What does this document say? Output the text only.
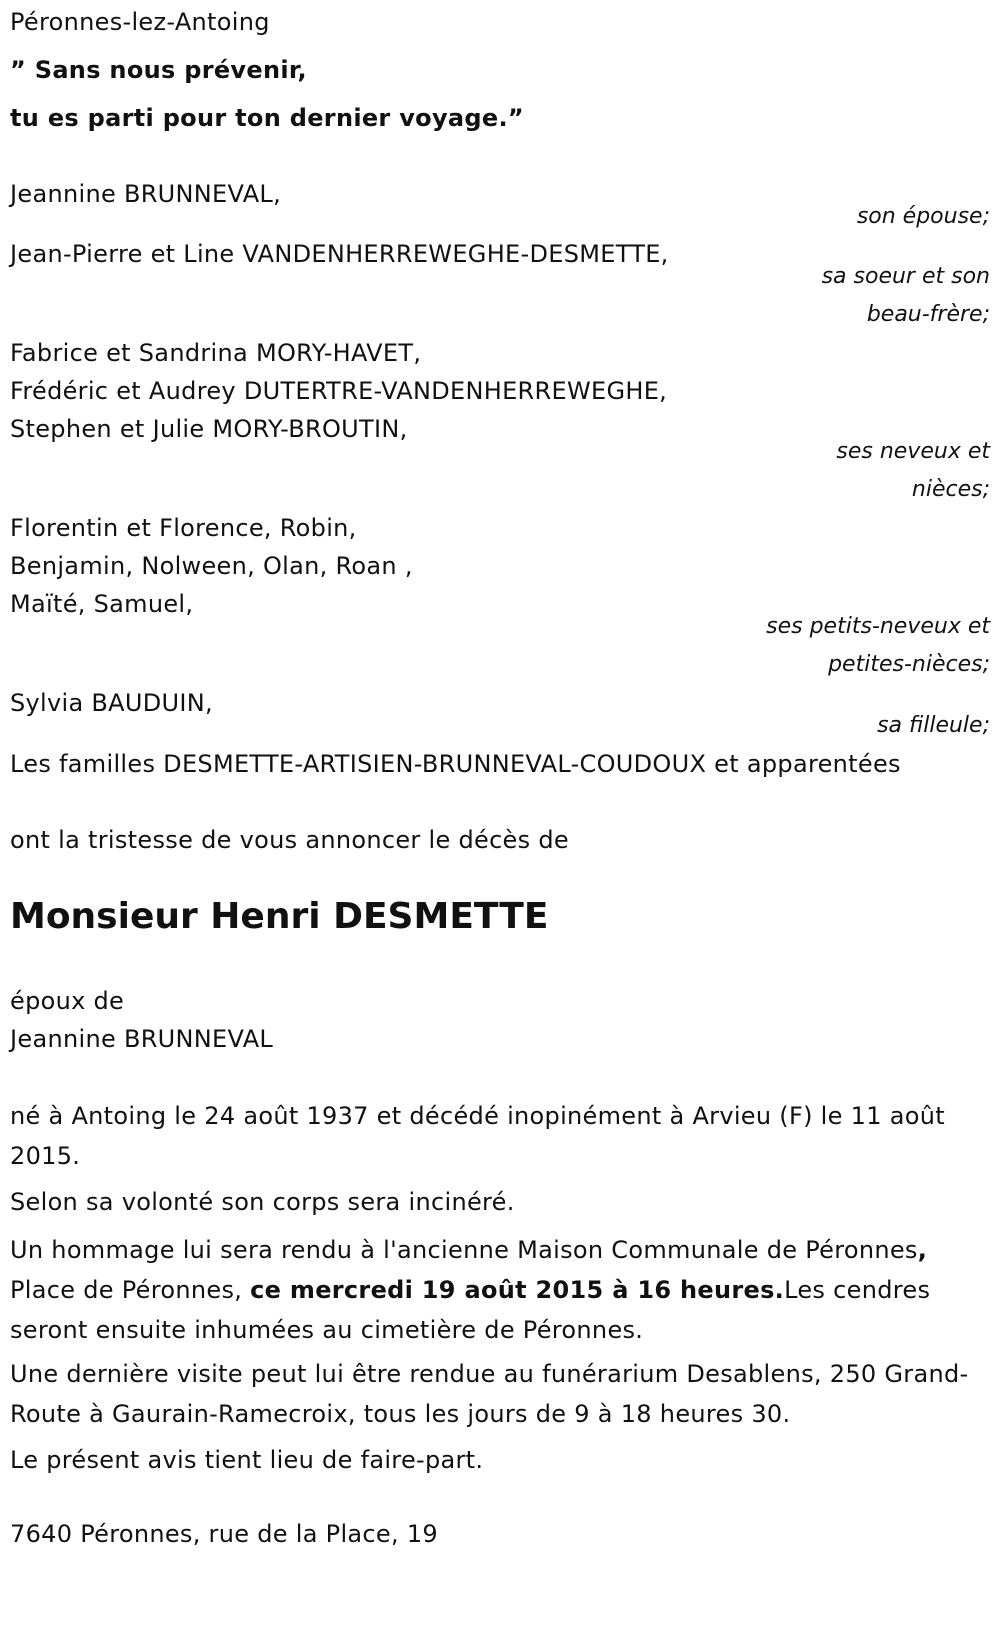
Péronnes-lez-Antoing
” Sans nous prévenir,
tu es parti pour ton dernier voyage.”
Jeannine BRUNNEVAL,
son épouse;
Jean-Pierre et Line VANDENHERREWEGHE-DESMETTE,
sa soeur et son
beau-frère;
Fabrice et Sandrina MORY-HAVET,
Frédéric et Audrey DUTERTRE-VANDENHERREWEGHE,
Stephen et Julie MORY-BROUTIN,
ses neveux et
nièces;
Florentin et Florence, Robin,
Benjamin, Nolween, Olan, Roan ,
Maïté, Samuel,
ses petits-neveux et
petites-nièces;
Sylvia BAUDUIN,
sa filleule;
Les familles DESMETTE-ARTISIEN-BRUNNEVAL-COUDOUX et apparentées
ont la tristesse de vous annoncer le décès de
Monsieur Henri DESMETTE
époux de
Jeannine BRUNNEVAL
né à Antoing le 24 août 1937 et décédé inopinément à Arvieu (F) le 11 août 2015.
Selon sa volonté son corps sera incinéré.
Un hommage lui sera rendu à l'ancienne Maison Communale de Péronnes, Place de Péronnes, ce mercredi 19 août 2015 à 16 heures.Les cendres seront ensuite inhumées au cimetière de Péronnes.
Une dernière visite peut lui être rendue au funérarium Desablens, 250 Grand-Route à Gaurain-Ramecroix, tous les jours de 9 à 18 heures 30.
Le présent avis tient lieu de faire-part.
7640 Péronnes, rue de la Place, 19
